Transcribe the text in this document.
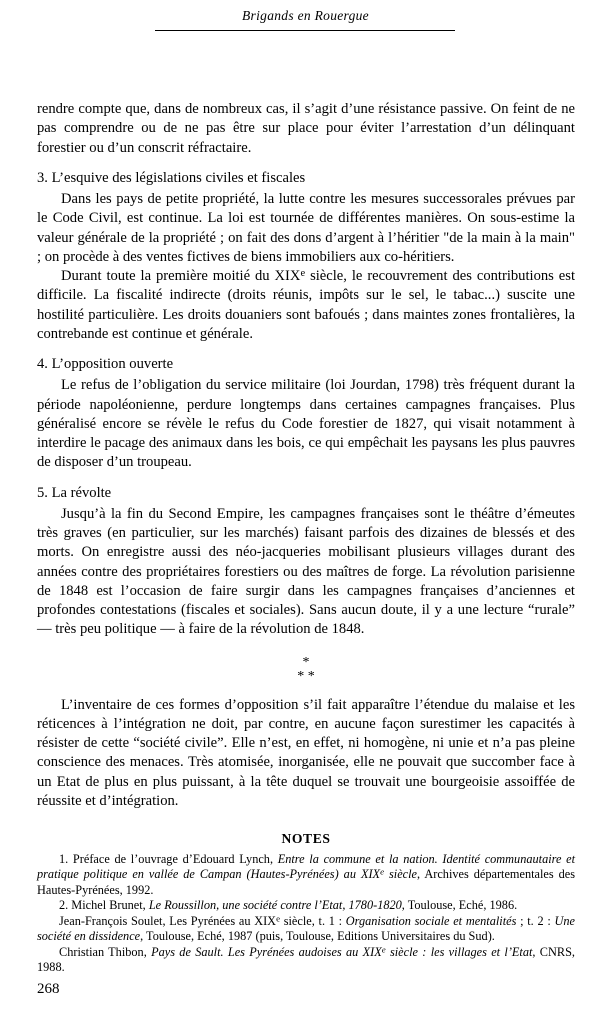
Brigands en Rouergue

rendre compte que, dans de nombreux cas, il s’agit d’une résistance passive. On feint de ne pas comprendre ou de ne pas être sur place pour éviter l’arrestation d’un délinquant forestier ou d’un conscrit réfractaire.

3. L’esquive des législations civiles et fiscales

Dans les pays de petite propriété, la lutte contre les mesures successorales prévues par le Code Civil, est continue. La loi est tournée de différentes manières. On sous-estime la valeur générale de la propriété ; on fait des dons d’argent à l’héritier "de la main à la main" ; on procède à des ventes fictives de biens immobiliers aux co-héritiers.

Durant toute la première moitié du XIXe siècle, le recouvrement des contributions est difficile. La fiscalité indirecte (droits réunis, impôts sur le sel, le tabac...) suscite une hostilité particulière. Les droits douaniers sont bafoués ; dans maintes zones frontalières, la contrebande est continue et générale.

4. L’opposition ouverte

Le refus de l’obligation du service militaire (loi Jourdan, 1798) très fréquent durant la période napoléonienne, perdure longtemps dans certaines campagnes françaises. Plus généralisé encore se révèle le refus du Code forestier de 1827, qui visait notamment à interdire le pacage des animaux dans les bois, ce qui empêchait les paysans les plus pauvres de disposer d’un troupeau.

5. La révolte

Jusqu’à la fin du Second Empire, les campagnes françaises sont le théâtre d’émeutes très graves (en particulier, sur les marchés) faisant parfois des dizaines de blessés et des morts. On enregistre aussi des néo-jacqueries mobilisant plusieurs villages durant des années contre des propriétaires forestiers ou des maîtres de forge. La révolution parisienne de 1848 est l’occasion de faire surgir dans les campagnes françaises d’anciennes et profondes contestations (fiscales et sociales). Sans aucun doute, il y a une lecture “rurale” — très peu politique — à faire de la révolution de 1848.

*
* *

L’inventaire de ces formes d’opposition s’il fait apparaître l’étendue du malaise et les réticences à l’intégration ne doit, par contre, en aucune façon surestimer les capacités à résister de cette “société civile”. Elle n’est, en effet, ni homogène, ni unie et n’a pas pleine conscience des menaces. Très atomisée, inorganisée, elle ne pouvait que succomber face à un Etat de plus en plus puissant, à la tête duquel se trouvait une bourgeoisie assoiffée de réussite et d’intégration.

NOTES

1. Préface de l’ouvrage d’Edouard Lynch, Entre la commune et la nation. Identité communautaire et pratique politique en vallée de Campan (Hautes-Pyrénées) au XIXe siècle, Archives départementales des Hautes-Pyrénées, 1992.

2. Michel Brunet, Le Roussillon, une société contre l’Etat, 1780-1820, Toulouse, Eché, 1986.

Jean-François Soulet, Les Pyrénées au XIXe siècle, t. 1 : Organisation sociale et mentalités ; t. 2 : Une société en dissidence, Toulouse, Eché, 1987 (puis, Toulouse, Editions Universitaires du Sud).

Christian Thibon, Pays de Sault. Les Pyrénées audoises au XIXe siècle : les villages et l’Etat, CNRS, 1988.

268
